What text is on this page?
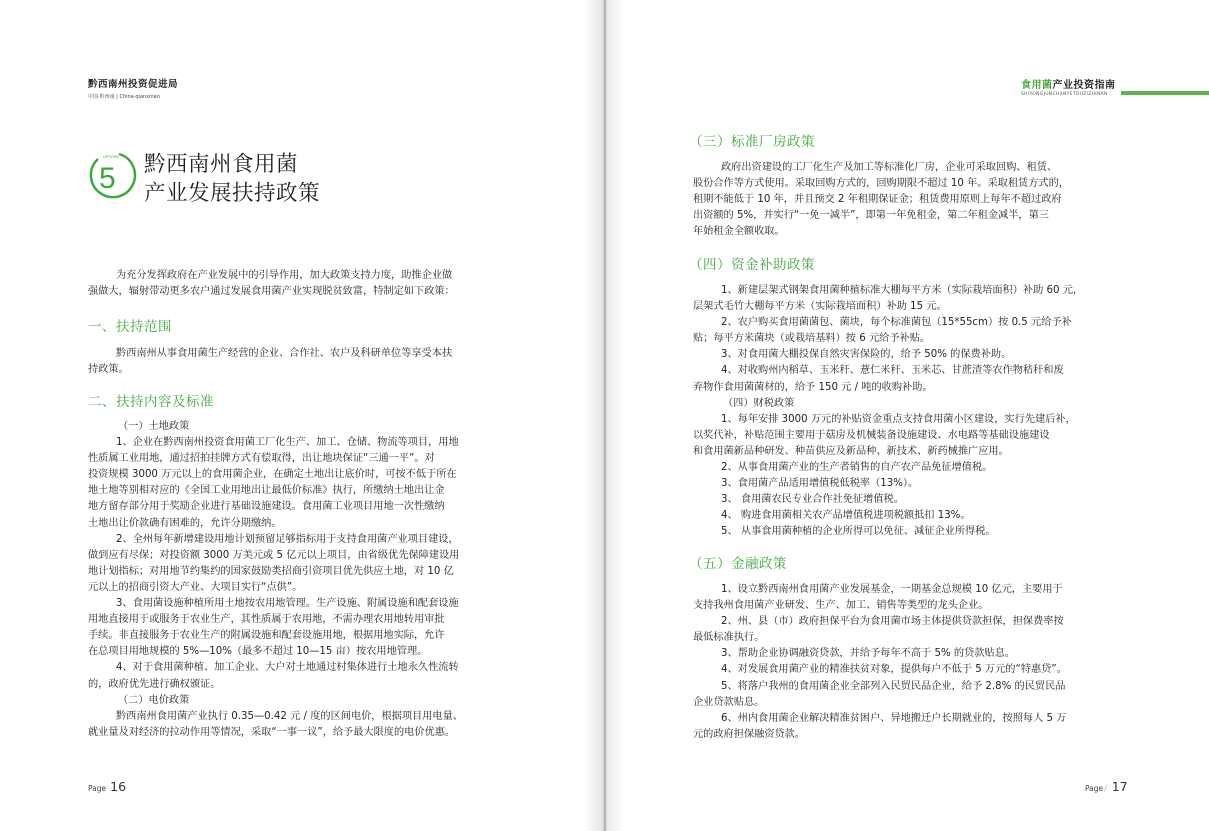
黔西南州投资促进局
中国·黔西南 | China·qianxinan
5
OPTIONS 黔西南州食用菌
产业发展扶持政策

为充分发挥政府在产业发展中的引导作用，加大政策支持力度，助推企业做

强做大，辐射带动更多农户通过发展食用菌产业实现脱贫致富，特制定如下政策：

一、扶持范围

黔西南州从事食用菌生产经营的企业、合作社、农户及科研单位等享受本扶

持政策。

二、扶持内容及标准

（一）土地政策

1、企业在黔西南州投资食用菌工厂化生产、加工、仓储、物流等项目，用地

性质属工业用地，通过招拍挂牌方式有偿取得，出让地块保证“三通一平”。对

投资规模 3000 万元以上的食用菌企业，在确定土地出让底价时，可按不低于所在

地土地等别相对应的《全国工业用地出让最低价标准》执行，所缴纳土地出让金

地方留存部分用于奖励企业进行基础设施建设。食用菌工业项目用地一次性缴纳

土地出让价款确有困难的，允许分期缴纳。

2、全州每年新增建设用地计划预留足够指标用于支持食用菌产业项目建设，

做到应有尽保；对投资额 3000 万美元或 5 亿元以上项目，由省级优先保障建设用

地计划指标；对用地节约集约的国家鼓励类招商引资项目优先供应土地，对 10 亿

元以上的招商引资大产业、大项目实行“点供”。

3、食用菌设施种植所用土地按农用地管理。生产设施、附属设施和配套设施

用地直接用于或服务于农业生产，其性质属于农用地，不需办理农用地转用审批

手续。非直接服务于农业生产的附属设施和配套设施用地，根据用地实际，允许

在总项目用地规模的 5%—10%（最多不超过 10—15 亩）按农用地管理。

4、对于食用菌种植、加工企业、大户对土地通过村集体进行土地永久性流转

的，政府优先进行确权颁证。

（二）电价政策

黔西南州食用菌产业执行 0.35—0.42 元 / 度的区间电价，根据项目用电量、

就业量及对经济的拉动作用等情况，采取“一事一议”，给予最大限度的电价优惠。

Page 16
食用菌产业投资指南
SHIYONGJUNCHANYETOUZIZHINAN
（三）标准厂房政策

政府出资建设的工厂化生产及加工等标准化厂房，企业可采取回购、租赁、

股份合作等方式使用。采取回购方式的，回购期限不超过 10 年。采取租赁方式的，

租期不能低于 10 年，并且预交 2 年租期保证金；租赁费用原则上每年不超过政府

出资额的 5%，并实行“一免一减半”，即第一年免租金，第二年租金减半，第三

年始租金全额收取。

（四）资金补助政策

1、新建层架式钢架食用菌种植标准大棚每平方米（实际栽培面积）补助 60 元，

层架式毛竹大棚每平方米（实际栽培面积）补助 15 元。

2、农户购买食用菌菌包、菌块，每个标准菌包（15*55cm）按 0.5 元给予补

贴；每平方米菌块（或栽培基料）按 6 元给予补贴。

3、对食用菌大棚投保自然灾害保险的，给予 50% 的保费补助。

4、对收购州内稻草、玉米秆、薏仁米秆、玉米芯、甘蔗渣等农作物秸秆和废

弃物作食用菌菌材的，给予 150 元 / 吨的收购补助。

（四）财税政策

1、每年安排 3000 万元的补贴资金重点支持食用菌小区建设，实行先建后补，

以奖代补，补贴范围主要用于菇房及机械装备设施建设、水电路等基础设施建设

和食用菌新品种研发、种苗供应及新品种、新技术、新药械推广应用。

2、从事食用菌产业的生产者销售的自产农产品免征增值税。

3、食用菌产品适用增值税低税率（13%）。

3、 食用菌农民专业合作社免征增值税。

4、 购进食用菌相关农产品增值税进项税额抵扣 13%。

5、 从事食用菌种植的企业所得可以免征、减征企业所得税。

（五）金融政策

1、设立黔西南州食用菌产业发展基金，一期基金总规模 10 亿元，主要用于

支持我州食用菌产业研发、生产、加工、销售等类型的龙头企业。

2、州、县（市）政府担保平台为食用菌市场主体提供贷款担保，担保费率按

最低标准执行。

3、帮助企业协调融资贷款，并给予每年不高于 5% 的贷款贴息。

4、对发展食用菌产业的精准扶贫对象，提供每户不低于 5 万元的“特惠贷”。

5、将落户我州的食用菌企业全部列入民贸民品企业，给予 2.8% 的民贸民品

企业贷款贴息。

6、州内食用菌企业解决精准贫困户、异地搬迁户长期就业的，按照每人 5 万

元的政府担保融资贷款。

Page/ 17
